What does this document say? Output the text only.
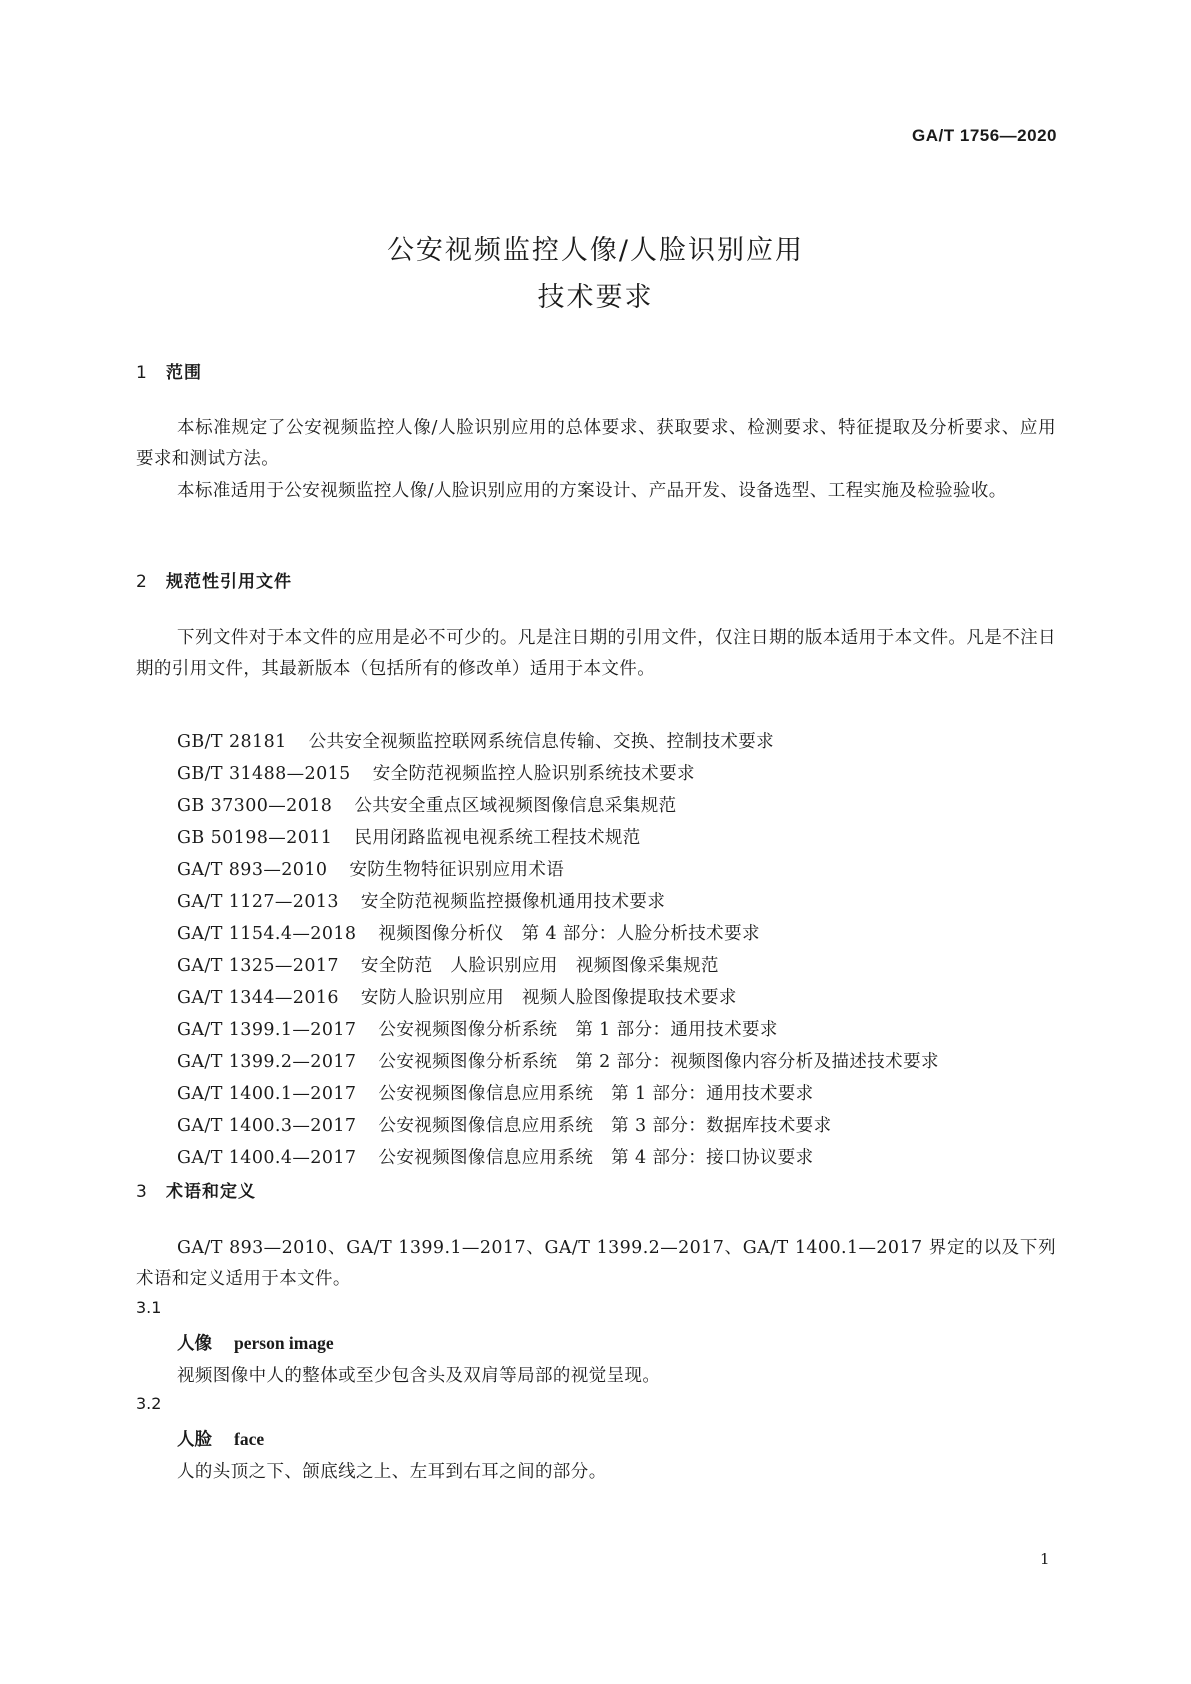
GA/T 1756—2020
公安视频监控人像/人脸识别应用
技术要求
1 范围
本标准规定了公安视频监控人像/人脸识别应用的总体要求、获取要求、检测要求、特征提取及分析要求、应用要求和测试方法。
本标准适用于公安视频监控人像/人脸识别应用的方案设计、产品开发、设备选型、工程实施及检验验收。
2 规范性引用文件
下列文件对于本文件的应用是必不可少的。凡是注日期的引用文件，仅注日期的版本适用于本文件。凡是不注日期的引用文件，其最新版本（包括所有的修改单）适用于本文件。
GB/T 28181 公共安全视频监控联网系统信息传输、交换、控制技术要求
GB/T 31488—2015 安全防范视频监控人脸识别系统技术要求
GB 37300—2018 公共安全重点区域视频图像信息采集规范
GB 50198—2011 民用闭路监视电视系统工程技术规范
GA/T 893—2010 安防生物特征识别应用术语
GA/T 1127—2013 安全防范视频监控摄像机通用技术要求
GA/T 1154.4—2018 视频图像分析仪　第 4 部分：人脸分析技术要求
GA/T 1325—2017 安全防范　人脸识别应用　视频图像采集规范
GA/T 1344—2016 安防人脸识别应用　视频人脸图像提取技术要求
GA/T 1399.1—2017 公安视频图像分析系统　第 1 部分：通用技术要求
GA/T 1399.2—2017 公安视频图像分析系统　第 2 部分：视频图像内容分析及描述技术要求
GA/T 1400.1—2017 公安视频图像信息应用系统　第 1 部分：通用技术要求
GA/T 1400.3—2017 公安视频图像信息应用系统　第 3 部分：数据库技术要求
GA/T 1400.4—2017 公安视频图像信息应用系统　第 4 部分：接口协议要求
3 术语和定义
GA/T 893—2010、GA/T 1399.1—2017、GA/T 1399.2—2017、GA/T 1400.1—2017 界定的以及下列术语和定义适用于本文件。
3.1
人像 person image
视频图像中人的整体或至少包含头及双肩等局部的视觉呈现。
3.2
人脸 face
人的头顶之下、颌底线之上、左耳到右耳之间的部分。
1
